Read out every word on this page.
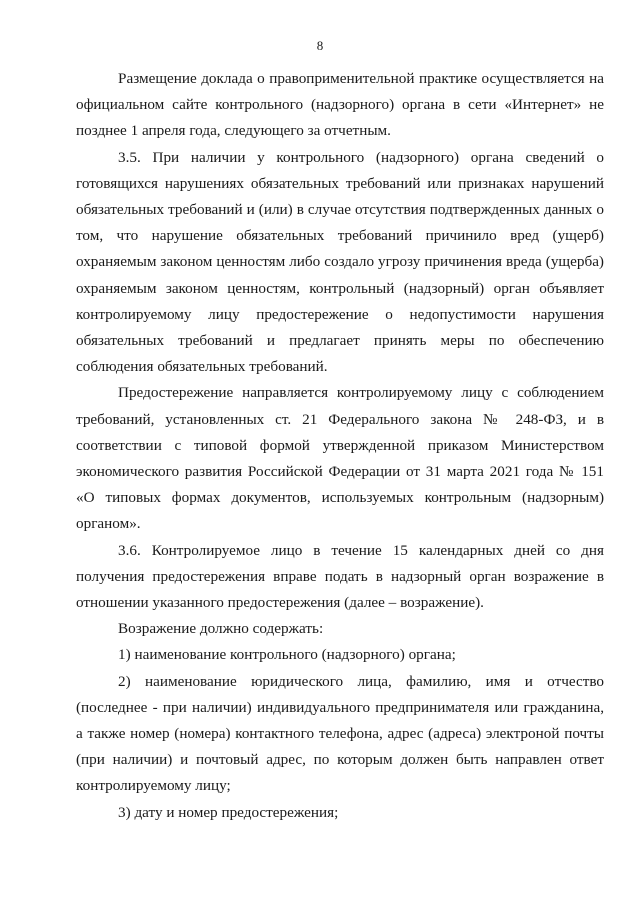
8

Размещение доклада о правоприменительной практике осуществляется на официальном сайте контрольного (надзорного) органа в сети «Интернет» не позднее 1 апреля года, следующего за отчетным.

3.5. При наличии у контрольного (надзорного) органа сведений о готовящихся нарушениях обязательных требований или признаках нарушений обязательных требований и (или) в случае отсутствия подтвержденных данных о том, что нарушение обязательных требований причинило вред (ущерб) охраняемым законом ценностям либо создало угрозу причинения вреда (ущерба) охраняемым законом ценностям, контрольный (надзорный) орган объявляет контролируемому лицу предостережение о недопустимости нарушения обязательных требований и предлагает принять меры по обеспечению соблюдения обязательных требований.

Предостережение направляется контролируемому лицу с соблюдением требований, установленных ст. 21 Федерального закона № 248-ФЗ, и в соответствии с типовой формой утвержденной приказом Министерством экономического развития Российской Федерации от 31 марта 2021 года № 151 «О типовых формах документов, используемых контрольным (надзорным) органом».

3.6. Контролируемое лицо в течение 15 календарных дней со дня получения предостережения вправе подать в надзорный орган возражение в отношении указанного предостережения (далее – возражение).

Возражение должно содержать:

1) наименование контрольного (надзорного) органа;

2) наименование юридического лица, фамилию, имя и отчество (последнее - при наличии) индивидуального предпринимателя или гражданина, а также номер (номера) контактного телефона, адрес (адреса) электроной почты (при наличии) и почтовый адрес, по которым должен быть направлен ответ контролируемому лицу;

3) дату и номер предостережения;
